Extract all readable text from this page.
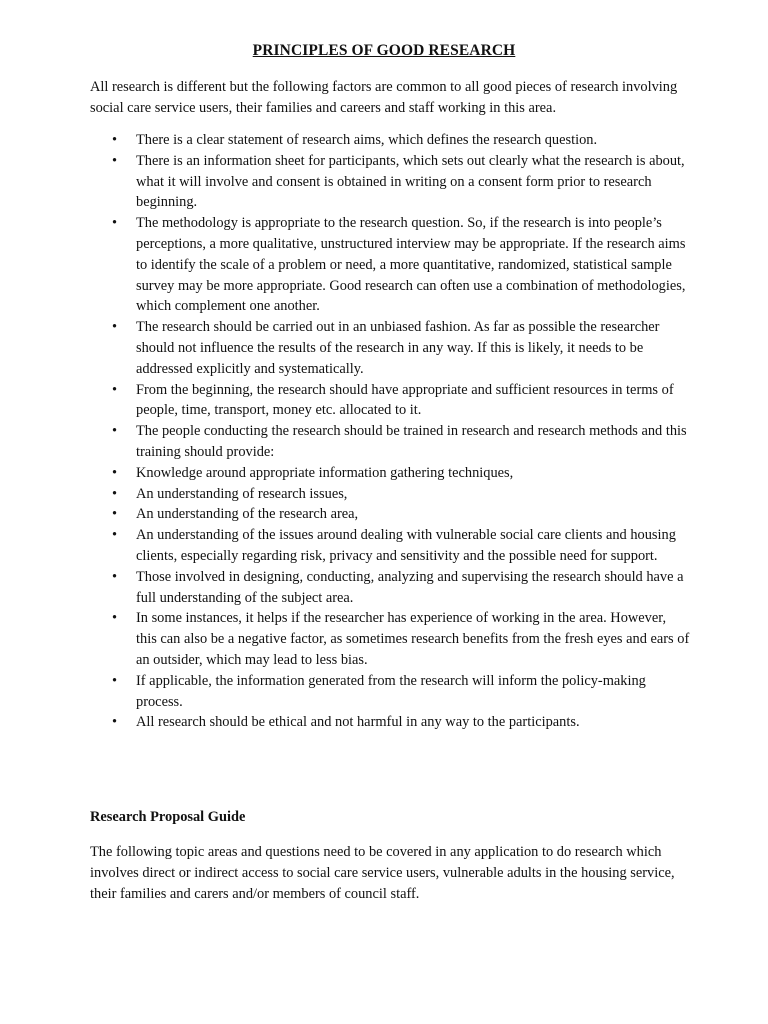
PRINCIPLES OF GOOD RESEARCH
All research is different but the following factors are common to all good pieces of research involving social care service users, their families and careers and staff working in this area.
• There is a clear statement of research aims, which defines the research question.
• There is an information sheet for participants, which sets out clearly what the research is about, what it will involve and consent is obtained in writing on a consent form prior to research beginning.
• The methodology is appropriate to the research question. So, if the research is into people’s perceptions, a more qualitative, unstructured interview may be appropriate. If the research aims to identify the scale of a problem or need, a more quantitative, randomized, statistical sample survey may be more appropriate. Good research can often use a combination of methodologies, which complement one another.
• The research should be carried out in an unbiased fashion. As far as possible the researcher should not influence the results of the research in any way. If this is likely, it needs to be addressed explicitly and systematically.
• From the beginning, the research should have appropriate and sufficient resources in terms of people, time, transport, money etc. allocated to it.
• The people conducting the research should be trained in research and research methods and this training should provide:
• Knowledge around appropriate information gathering techniques,
• An understanding of research issues,
• An understanding of the research area,
• An understanding of the issues around dealing with vulnerable social care clients and housing clients, especially regarding risk, privacy and sensitivity and the possible need for support.
• Those involved in designing, conducting, analyzing and supervising the research should have a full understanding of the subject area.
• In some instances, it helps if the researcher has experience of working in the area. However, this can also be a negative factor, as sometimes research benefits from the fresh eyes and ears of an outsider, which may lead to less bias.
• If applicable, the information generated from the research will inform the policy-making process.
• All research should be ethical and not harmful in any way to the participants.
Research Proposal Guide
The following topic areas and questions need to be covered in any application to do research which involves direct or indirect access to social care service users, vulnerable adults in the housing service, their families and carers and/or members of council staff.
